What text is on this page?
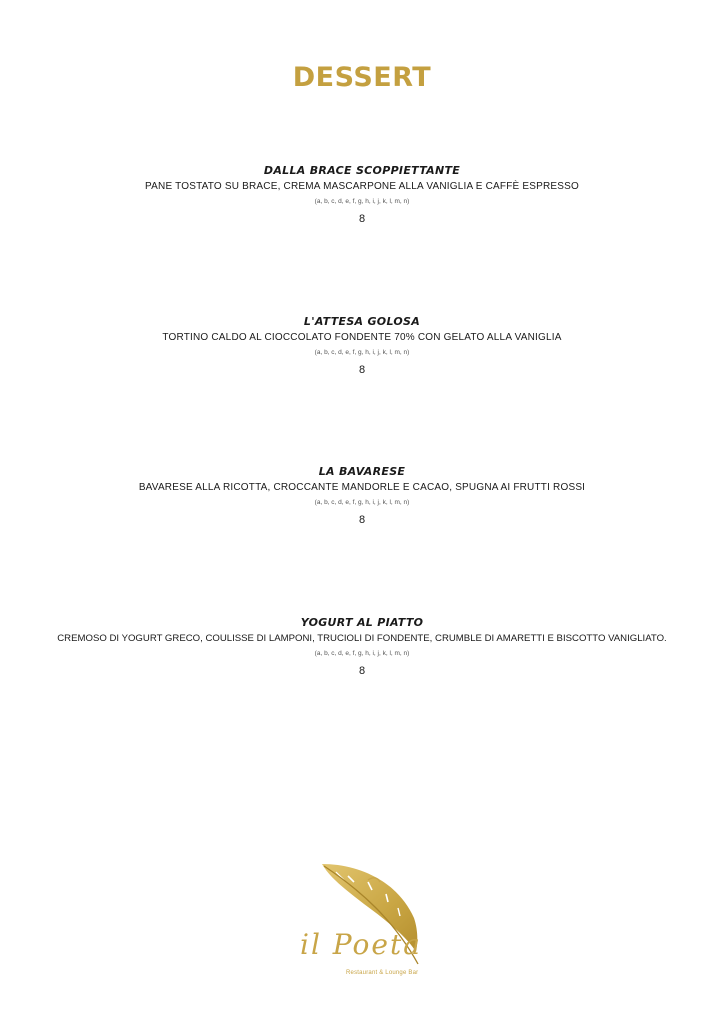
DESSERT
DALLA BRACE SCOPPIETTANTE
PANE TOSTATO SU BRACE, CREMA MASCARPONE ALLA VANIGLIA E CAFFÈ ESPRESSO
(a, b, c, d, e, f, g, h, i, j, k, l, m, n)
8
L'ATTESA GOLOSA
TORTINO CALDO AL CIOCCOLATO FONDENTE 70% CON GELATO ALLA VANIGLIA
(a, b, c, d, e, f, g, h, i, j, k, l, m, n)
8
LA BAVARESE
BAVARESE ALLA RICOTTA, CROCCANTE MANDORLE E CACAO, SPUGNA AI FRUTTI ROSSI
(a, b, c, d, e, f, g, h, i, j, k, l, m, n)
8
YOGURT AL PIATTO
CREMOSO DI YOGURT GRECO, COULISSE DI LAMPONI, TRUCIOLI DI FONDENTE, CRUMBLE DI AMARETTI E BISCOTTO VANIGLIATO.
(a, b, c, d, e, f, g, h, i, j, k, l, m, n)
8
il Poeta
Restaurant & Lounge Bar
